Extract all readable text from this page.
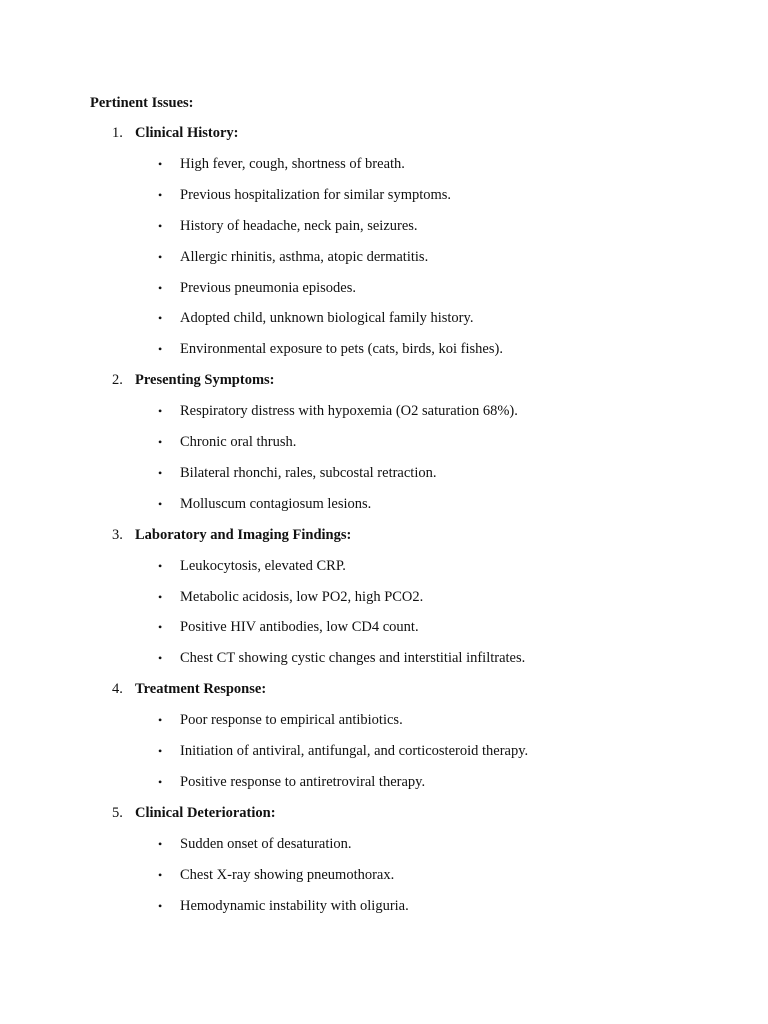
Pertinent Issues:
1. Clinical History:
• High fever, cough, shortness of breath.
• Previous hospitalization for similar symptoms.
• History of headache, neck pain, seizures.
• Allergic rhinitis, asthma, atopic dermatitis.
• Previous pneumonia episodes.
• Adopted child, unknown biological family history.
• Environmental exposure to pets (cats, birds, koi fishes).
2. Presenting Symptoms:
• Respiratory distress with hypoxemia (O2 saturation 68%).
• Chronic oral thrush.
• Bilateral rhonchi, rales, subcostal retraction.
• Molluscum contagiosum lesions.
3. Laboratory and Imaging Findings:
• Leukocytosis, elevated CRP.
• Metabolic acidosis, low PO2, high PCO2.
• Positive HIV antibodies, low CD4 count.
• Chest CT showing cystic changes and interstitial infiltrates.
4. Treatment Response:
• Poor response to empirical antibiotics.
• Initiation of antiviral, antifungal, and corticosteroid therapy.
• Positive response to antiretroviral therapy.
5. Clinical Deterioration:
• Sudden onset of desaturation.
• Chest X-ray showing pneumothorax.
• Hemodynamic instability with oliguria.
